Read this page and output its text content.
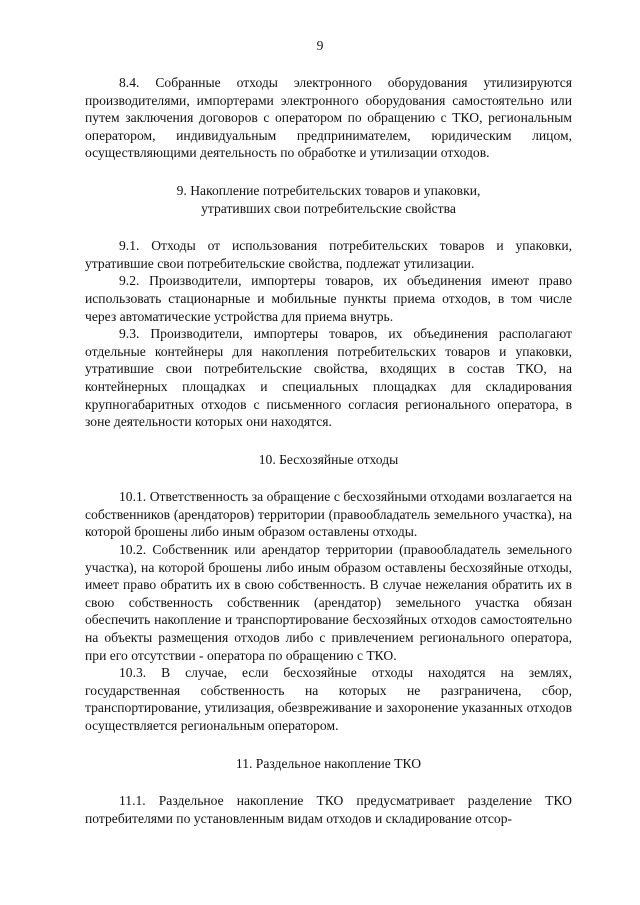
9

8.4. Собранные отходы электронного оборудования утилизируются производителями, импортерами электронного оборудования самостоятельно или путем заключения договоров с оператором по обращению с ТКО, региональным оператором, индивидуальным предпринимателем, юридическим лицом, осуществляющими деятельность по обработке и утилизации отходов.

9. Накопление потребительских товаров и упаковки,
утративших свои потребительские свойства

9.1. Отходы от использования потребительских товаров и упаковки, утратившие свои потребительские свойства, подлежат утилизации.

9.2. Производители, импортеры товаров, их объединения имеют право использовать стационарные и мобильные пункты приема отходов, в том числе через автоматические устройства для приема внутрь.

9.3. Производители, импортеры товаров, их объединения располагают отдельные контейнеры для накопления потребительских товаров и упаковки, утратившие свои потребительские свойства, входящих в состав ТКО, на контейнерных площадках и специальных площадках для складирования крупногабаритных отходов с письменного согласия регионального оператора, в зоне деятельности которых они находятся.

10. Бесхозяйные отходы

10.1. Ответственность за обращение с бесхозяйными отходами возлагается на собственников (арендаторов) территории (правообладатель земельного участка), на которой брошены либо иным образом оставлены отходы.

10.2. Собственник или арендатор территории (правообладатель земельного участка), на которой брошены либо иным образом оставлены бесхозяйные отходы, имеет право обратить их в свою собственность. В случае нежелания обратить их в свою собственность собственник (арендатор) земельного участка обязан обеспечить накопление и транспортирование бесхозяйных отходов самостоятельно на объекты размещения отходов либо с привлечением регионального оператора, при его отсутствии - оператора по обращению с ТКО.

10.3. В случае, если бесхозяйные отходы находятся на землях, государственная собственность на которых не разграничена, сбор, транспортирование, утилизация, обезвреживание и захоронение указанных отходов осуществляется региональным оператором.

11. Раздельное накопление ТКО

11.1. Раздельное накопление ТКО предусматривает разделение ТКО потребителями по установленным видам отходов и складирование отсор-
